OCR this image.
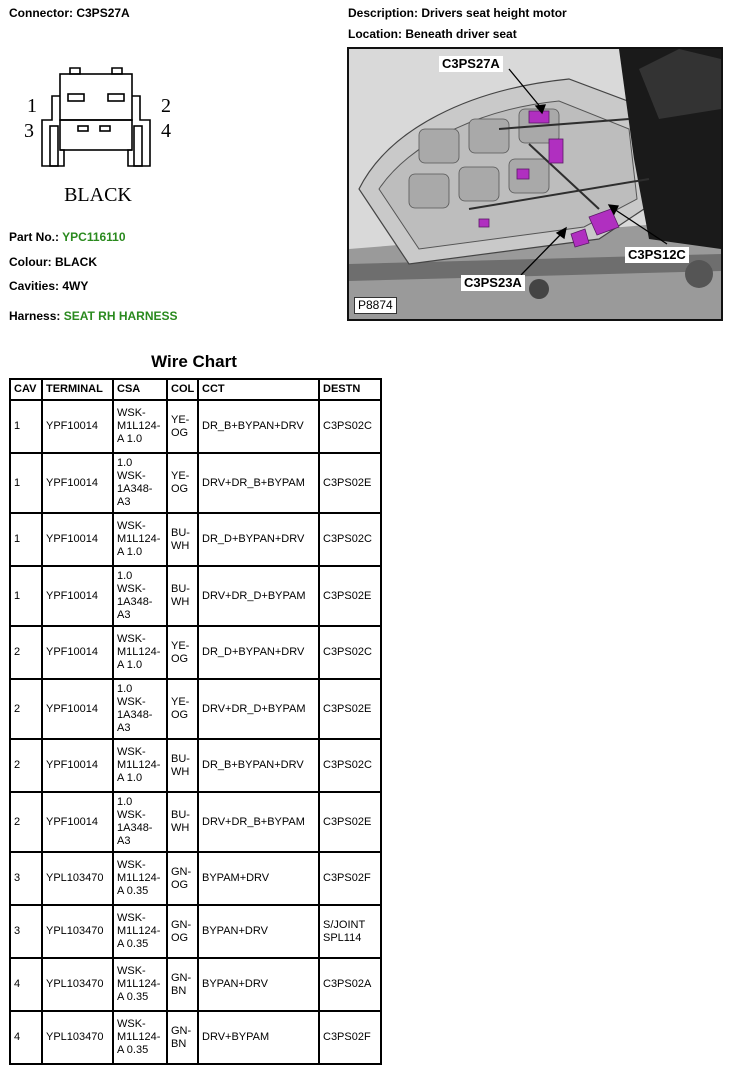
Connector: C3PS27A	Description: Drivers seat height motor
Location: Beneath driver seat
1
3
2
4
BLACK
Part No.: YPC116110
Colour: BLACK
Cavities: 4WY
Harness: SEAT RH HARNESS
C3PS27A
C3PS12C
C3PS23A
P8874
Wire Chart
CAV	TERMINAL	CSA	COL	CCT	DESTN
1	YPF10014	WSK-
M1L124-
A 1.0	YE-
OG	DR_B+BYPAN+DRV	C3PS02C
1	YPF10014	1.0
WSK-
1A348-
A3	YE-
OG	DRV+DR_B+BYPAM	C3PS02E
1	YPF10014	WSK-
M1L124-
A 1.0	BU-
WH	DR_D+BYPAN+DRV	C3PS02C
1	YPF10014	1.0
WSK-
1A348-
A3	BU-
WH	DRV+DR_D+BYPAM	C3PS02E
2	YPF10014	WSK-
M1L124-
A 1.0	YE-
OG	DR_D+BYPAN+DRV	C3PS02C
2	YPF10014	1.0
WSK-
1A348-
A3	YE-
OG	DRV+DR_D+BYPAM	C3PS02E
2	YPF10014	WSK-
M1L124-
A 1.0	BU-
WH	DR_B+BYPAN+DRV	C3PS02C
2	YPF10014	1.0
WSK-
1A348-
A3	BU-
WH	DRV+DR_B+BYPAM	C3PS02E
3	YPL103470	WSK-
M1L124-
A 0.35	GN-
OG	BYPAM+DRV	C3PS02F
3	YPL103470	WSK-
M1L124-
A 0.35	GN-
OG	BYPAN+DRV	S/JOINT
SPL114
4	YPL103470	WSK-
M1L124-
A 0.35	GN-
BN	BYPAN+DRV	C3PS02A
4	YPL103470	WSK-
M1L124-
A 0.35	GN-
BN	DRV+BYPAM	C3PS02F
